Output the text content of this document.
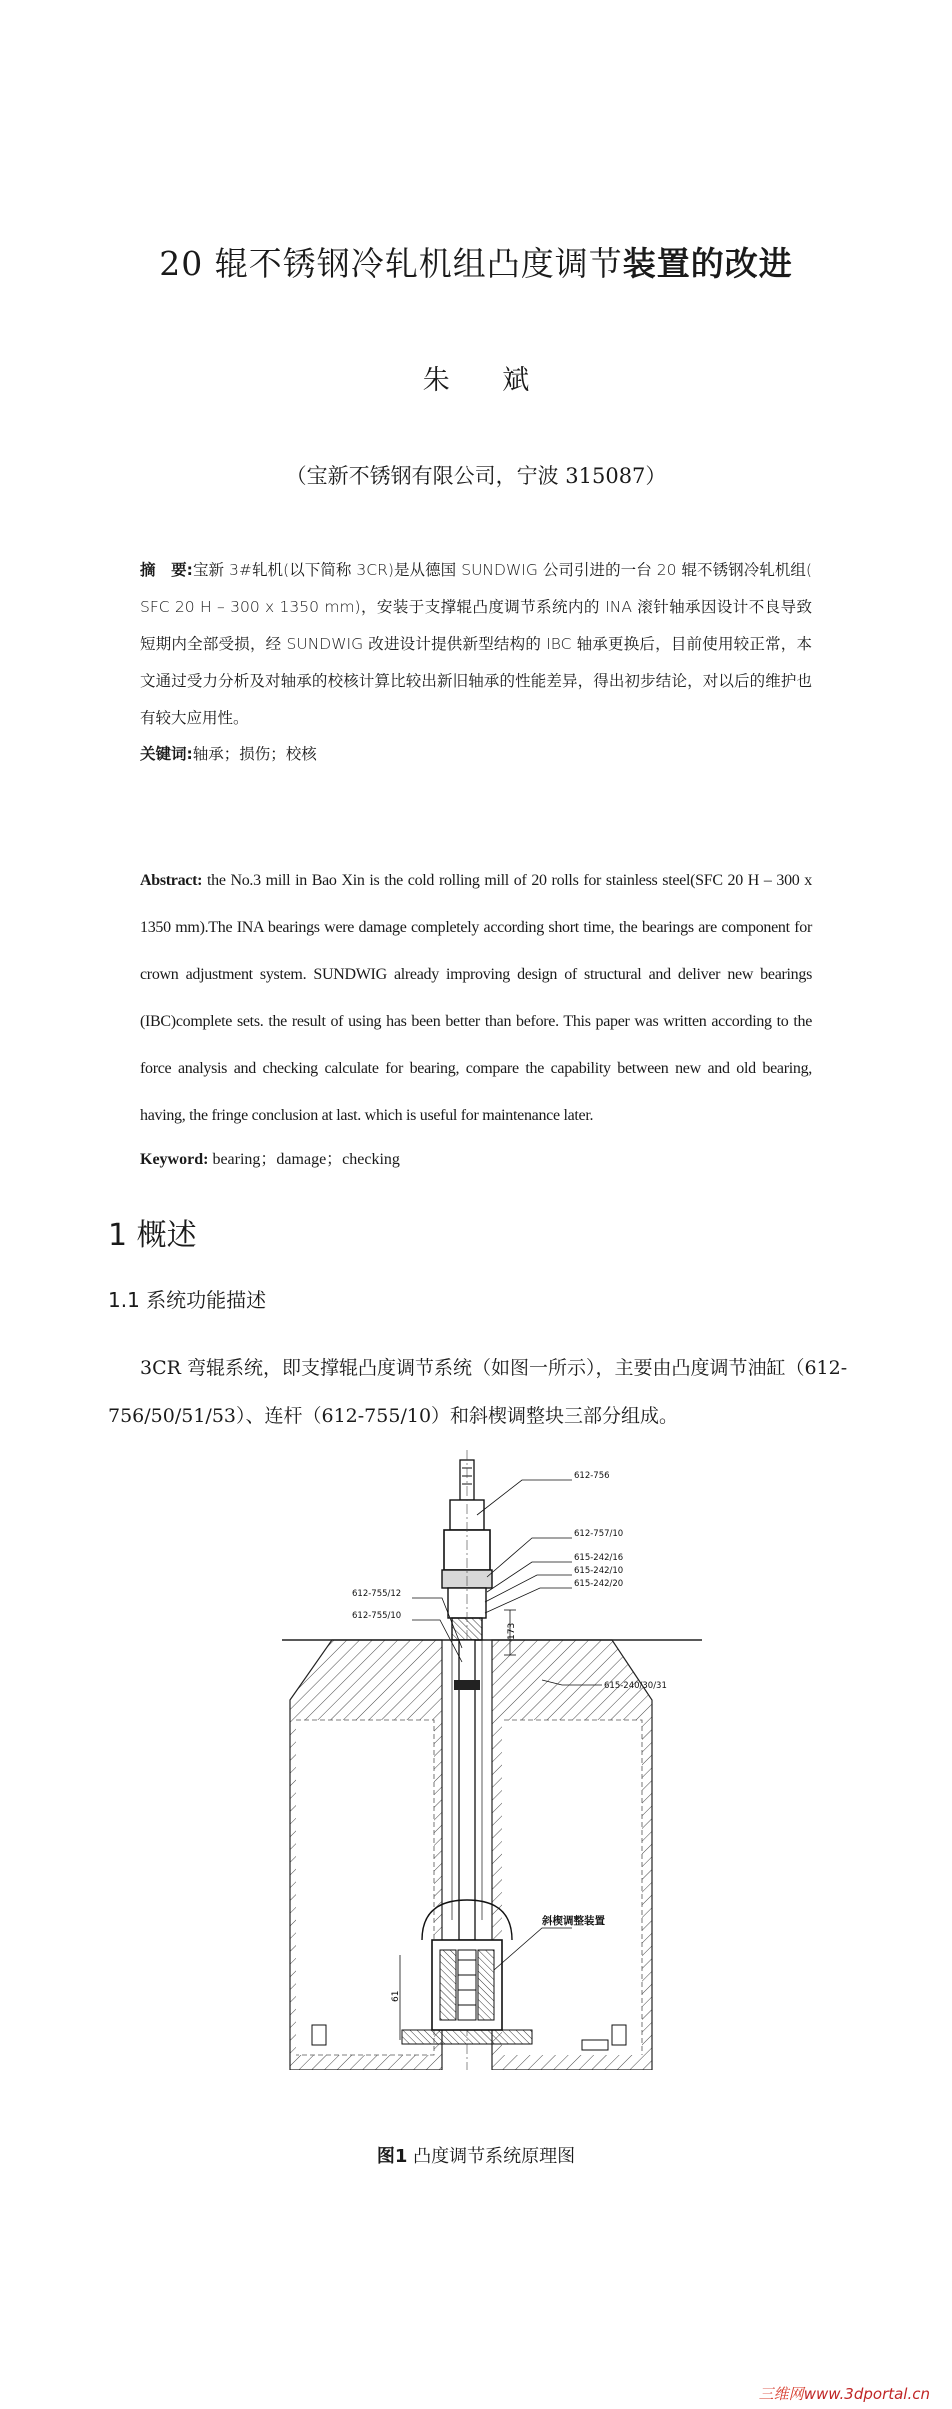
20 辊不锈钢冷轧机组凸度调节装置的改进
朱 斌
（宝新不锈钢有限公司，宁波 315087）
摘　要:宝新 3#轧机(以下简称 3CR)是从德国 SUNDWIG 公司引进的一台 20 辊不锈钢冷轧机组( SFC 20 H – 300 x 1350 mm)，安装于支撑辊凸度调节系统内的 INA 滚针轴承因设计不良导致短期内全部受损，经 SUNDWIG 改进设计提供新型结构的 IBC 轴承更换后，目前使用较正常，本文通过受力分析及对轴承的校核计算比较出新旧轴承的性能差异，得出初步结论，对以后的维护也有较大应用性。
关键词:轴承；损伤；校核
Abstract: the No.3 mill in Bao Xin is the cold rolling mill of 20 rolls for stainless steel(SFC 20 H – 300 x 1350 mm).The INA bearings were damage completely according short time, the bearings are component for crown adjustment system. SUNDWIG already improving design of structural and deliver new bearings (IBC)complete sets. the result of using has been better than before. This paper was written according to the force analysis and checking calculate for bearing, compare the capability between new and old bearing, having, the fringe conclusion at last. which is useful for maintenance later.
Keyword: bearing；damage；checking
1 概述
1.1 系统功能描述
3CR 弯辊系统，即支撑辊凸度调节系统（如图一所示），主要由凸度调节油缸（612-756/50/51/53）、连杆（612-755/10）和斜楔调整块三部分组成。
173
61
612-756
612-757/10
615-242/16
615-242/10
615-242/20
612-755/12
612-755/10
615-240/30/31
斜楔调整装置
图1 凸度调节系统原理图
三维网www.3dportal.cn
